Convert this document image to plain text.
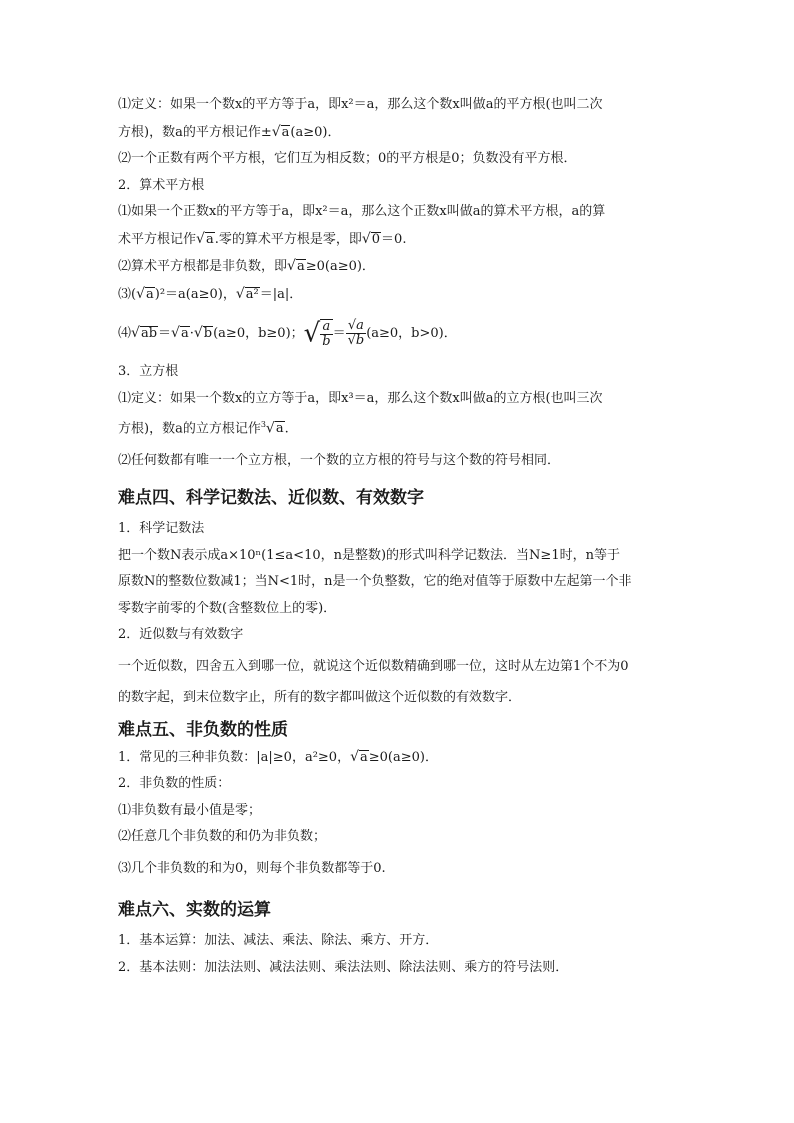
⑴定义：如果一个数x的平方等于a，即x²＝a，那么这个数x叫做a的平方根(也叫二次
方根)，数a的平方根记作±√a(a≥0)．
⑵一个正数有两个平方根，它们互为相反数；0的平方根是0；负数没有平方根．
2．算术平方根
⑴如果一个正数x的平方等于a，即x²＝a，那么这个正数x叫做a的算术平方根，a的算
术平方根记作√a.零的算术平方根是零，即√0＝0.
⑵算术平方根都是非负数，即√a≥0(a≥0)．
⑶(√a)²＝a(a≥0)，√a²＝|a|．
⑷√ab＝√a·√b(a≥0，b≥0)；√ $\frac{a}{b} = \frac{√a}{√b} (a\ge 0$，b>0)．
3．立方根
⑴定义：如果一个数x的立方等于a，即x³＝a，那么这个数x叫做a的立方根(也叫三次
方根)，数a的立方根记作$^3$√a.
⑵任何数都有唯一一个立方根，一个数的立方根的符号与这个数的符号相同．
难点四、科学记数法、近似数、有效数字
1．科学记数法
把一个数N表示成a×10ⁿ(1≤a<10，n是整数)的形式叫科学记数法．当N≥1时，n等于
原数N的整数位数减1；当N<1时，n是一个负整数，它的绝对值等于原数中左起第一个非
零数字前零的个数(含整数位上的零)．
2．近似数与有效数字
一个近似数，四舍五入到哪一位，就说这个近似数精确到哪一位，这时从左边第1个不为0
的数字起，到末位数字止，所有的数字都叫做这个近似数的有效数字．
难点五、非负数的性质
1．常见的三种非负数：|a|≥0，a²≥0，√a≥0(a≥0)．
2．非负数的性质：
⑴非负数有最小值是零；
⑵任意几个非负数的和仍为非负数；
⑶几个非负数的和为0，则每个非负数都等于0.
难点六、实数的运算
1．基本运算：加法、减法、乘法、除法、乘方、开方．
2．基本法则：加法法则、减法法则、乘法法则、除法法则、乘方的符号法则．
